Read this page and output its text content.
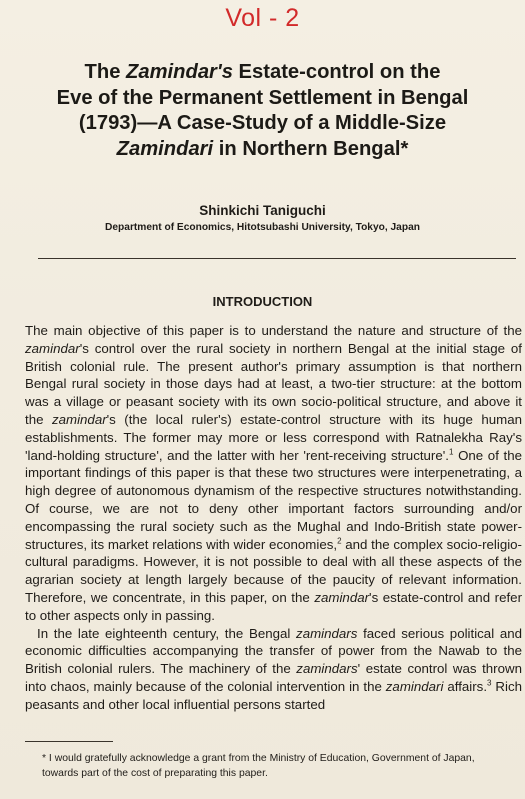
Vol - 2
The Zamindar's Estate-control on the
Eve of the Permanent Settlement in Bengal
(1793)—A Case-Study of a Middle-Size
Zamindari in Northern Bengal*
Shinkichi Taniguchi
Department of Economics, Hitotsubashi University, Tokyo, Japan
INTRODUCTION

The main objective of this paper is to understand the nature and structure of the zamindar's control over the rural society in northern Bengal at the initial stage of British colonial rule. The present author's primary assumption is that northern Bengal rural society in those days had at least, a two-tier structure: at the bottom was a village or peasant society with its own socio-political structure, and above it the zamindar's (the local ruler's) estate-control structure with its huge human establishments. The former may more or less correspond with Ratnalekha Ray's 'land-holding structure', and the latter with her 'rent-receiving structure'.$^1$ One of the important findings of this paper is that these two structures were interpenetrating, a high degree of autonomous dynamism of the respective structures notwithstanding. Of course, we are not to deny other important factors surrounding and/or encompassing the rural society such as the Mughal and Indo-British state power-structures, its market relations with wider economies,$^2$ and the complex socio-religio-cultural paradigms. However, it is not possible to deal with all these aspects of the agrarian society at length largely because of the paucity of relevant information. Therefore, we concentrate, in this paper, on the zamindar's estate-control and refer to other aspects only in passing.

In the late eighteenth century, the Bengal zamindars faced serious political and economic difficulties accompanying the transfer of power from the Nawab to the British colonial rulers. The machinery of the zamindars' estate control was thrown into chaos, mainly because of the colonial intervention in the zamindari affairs.$^3$ Rich peasants and other local influential persons started

* I would gratefully acknowledge a grant from the Ministry of Education, Government of Japan, towards part of the cost of preparating this paper.
